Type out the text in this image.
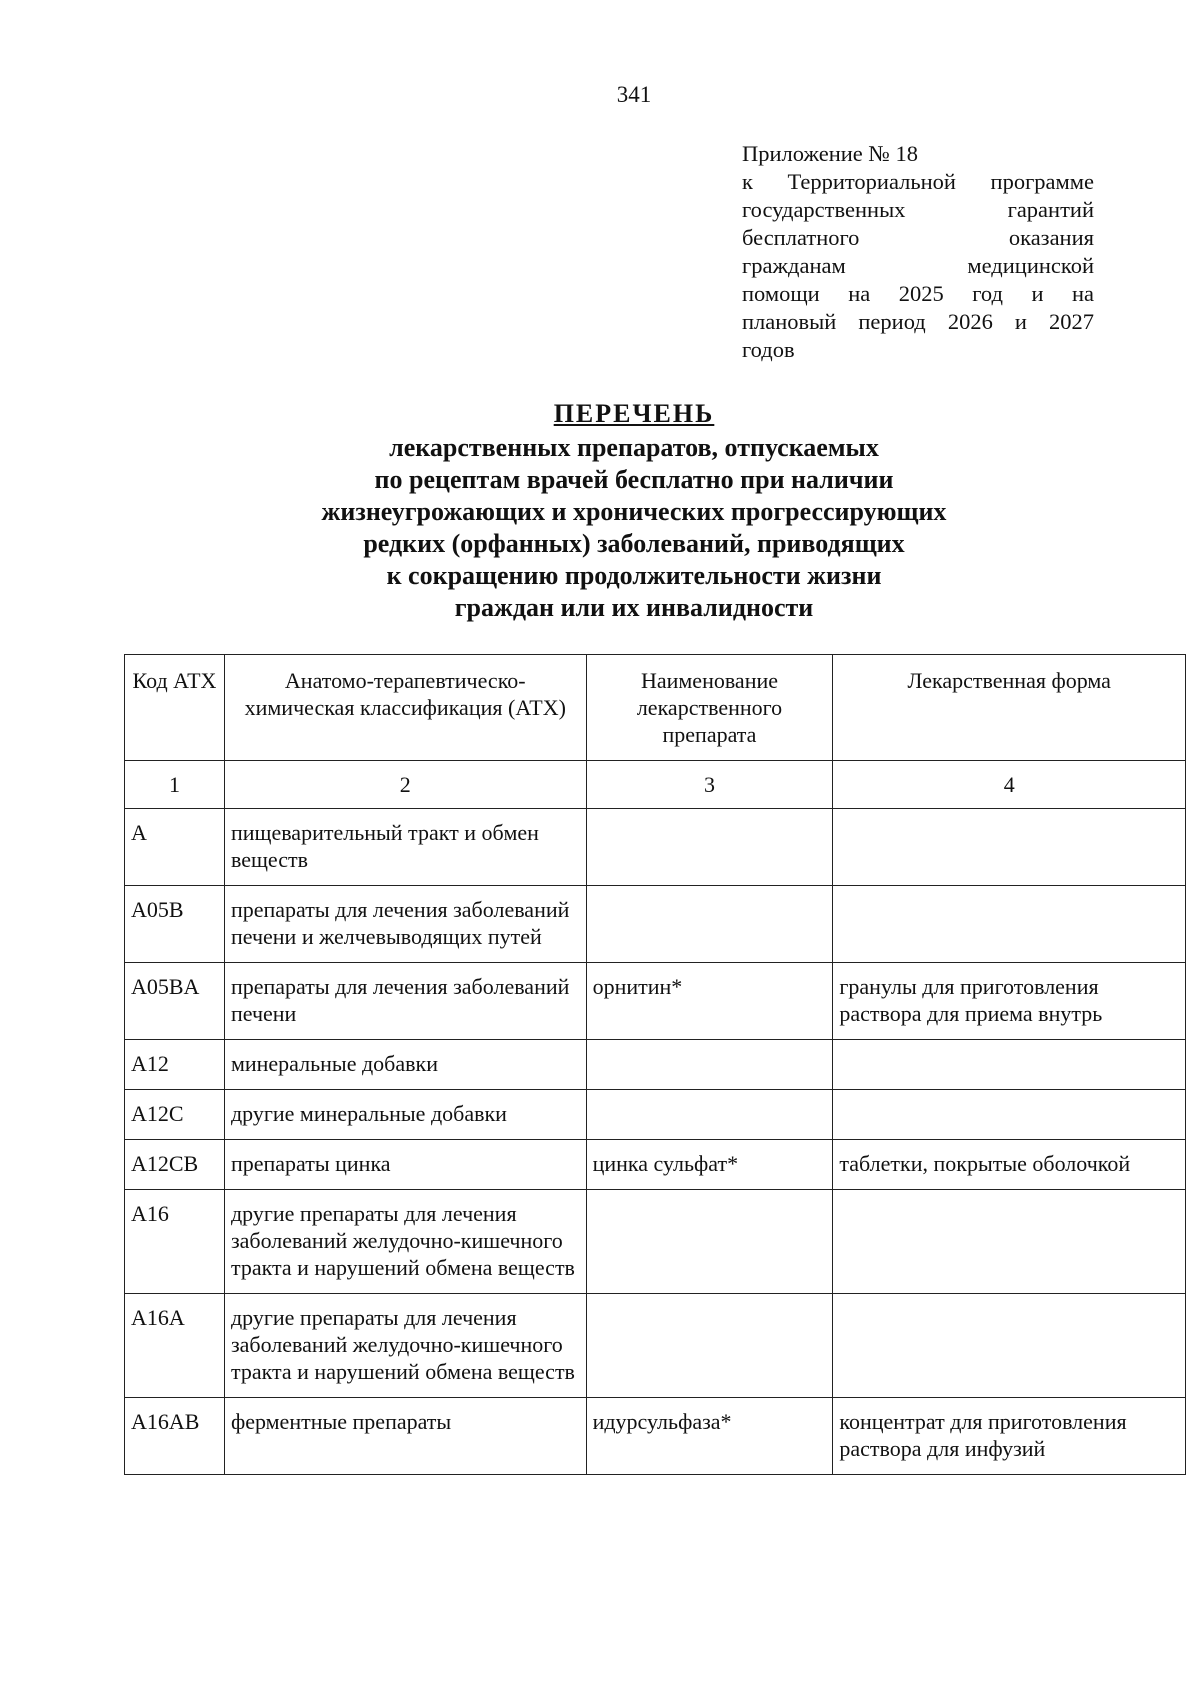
341
Приложение № 18
к Территориальной программе
государственных гарантий
бесплатного оказания
гражданам медицинской
помощи на 2025 год и на
плановый период 2026 и 2027
годов
ПЕРЕЧЕНЬ
лекарственных препаратов, отпускаемых
по рецептам врачей бесплатно при наличии
жизнеугрожающих и хронических прогрессирующих
редких (орфанных) заболеваний, приводящих
к сокращению продолжительности жизни
граждан или их инвалидности
Код АТХ	Анатомо-терапевтическо-химическая классификация (АТХ)	Наименование лекарственного препарата	Лекарственная форма
1	2	3	4
A	пищеварительный тракт и обмен веществ		
A05B	препараты для лечения заболеваний печени и желчевыводящих путей		
A05BA	препараты для лечения заболеваний печени	орнитин*	гранулы для приготовления раствора для приема внутрь
A12	минеральные добавки		
A12C	другие минеральные добавки		
A12CB	препараты цинка	цинка сульфат*	таблетки, покрытые оболочкой
A16	другие препараты для лечения заболеваний желудочно-кишечного тракта и нарушений обмена веществ		
A16A	другие препараты для лечения заболеваний желудочно-кишечного тракта и нарушений обмена веществ		
A16AB	ферментные препараты	идурсульфаза*	концентрат для приготовления раствора для инфузий
